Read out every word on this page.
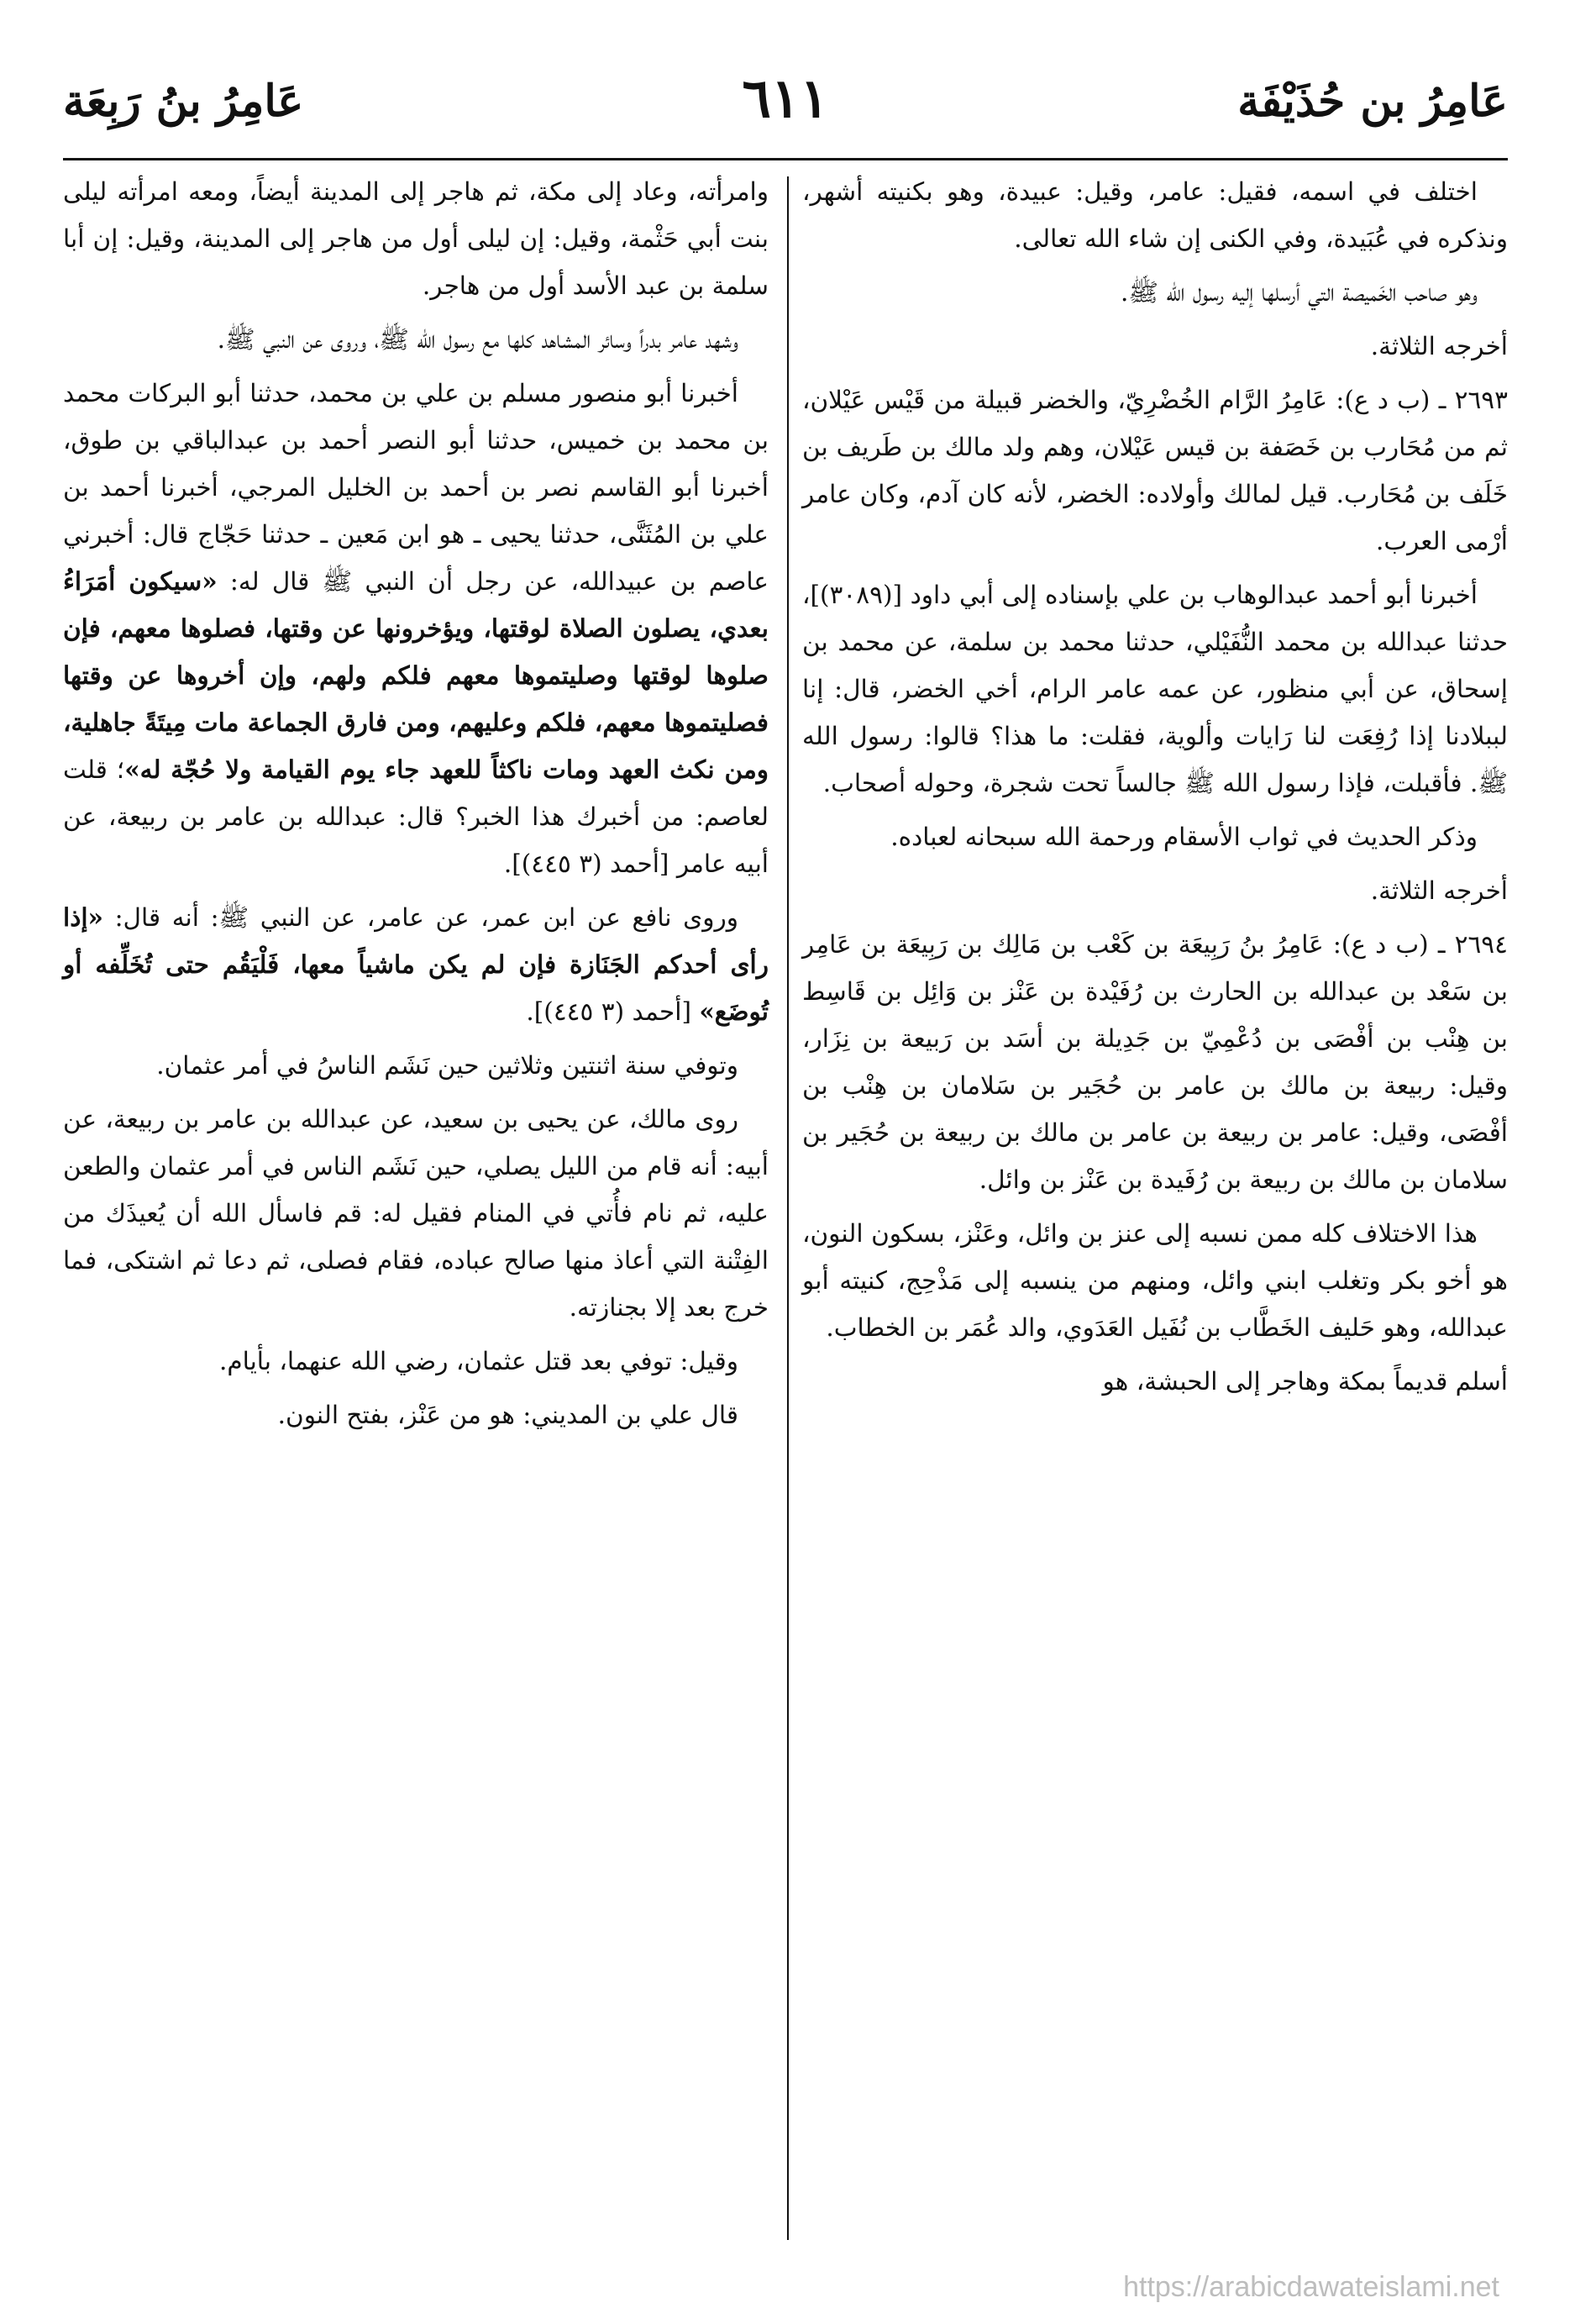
عَامِرُ بن حُذَيْفَة
٦١١
عَامِرُ بنُ رَبِعَة

اختلف في اسمه، فقيل: عامر، وقيل: عبيدة، وهو بكنيته أشهر، ونذكره في عُبَيدة، وفي الكنى إن شاء الله تعالى.

وهو صاحب الخَميصة التي أرسلها إليه رسول الله ﷺ.

أخرجه الثلاثة.

٢٦٩٣ ـ (ب د ع): عَامِرُ الرَّام الخُضْرِيّ، والخضر قبيلة من قَيْس عَيْلان، ثم من مُحَارب بن خَصَفة بن قيس عَيْلان، وهم ولد مالك بن طَريف بن خَلَف بن مُحَارب. قيل لمالك وأولاده: الخضر، لأنه كان آدم، وكان عامر أرْمى العرب.

أخبرنا أبو أحمد عبدالوهاب بن علي بإسناده إلى أبي داود [(٣٠٨٩)]، حدثنا عبدالله بن محمد النُّفَيْلي، حدثنا محمد بن سلمة، عن محمد بن إسحاق، عن أبي منظور، عن عمه عامر الرام، أخي الخضر، قال: إنا لببلادنا إذا رُفِعَت لنا رَايات وألوية، فقلت: ما هذا؟ قالوا: رسول الله ﷺ. فأقبلت، فإذا رسول الله ﷺ جالساً تحت شجرة، وحوله أصحاب.

وذكر الحديث في ثواب الأسقام ورحمة الله سبحانه لعباده.

أخرجه الثلاثة.

٢٦٩٤ ـ (ب د ع): عَامِرُ بنُ رَبِيعَة بن كَعْب بن مَالِك بن رَبِيعَة بن عَامِر بن سَعْد بن عبدالله بن الحارث بن رُفَيْدة بن عَنْز بن وَائِل بن قَاسِط بن هِنْب بن أفْصَى بن دُعْمِيّ بن جَدِيلة بن أسَد بن رَبيعة بن نِزَار، وقيل: ربيعة بن مالك بن عامر بن حُجَير بن سَلامان بن هِنْب بن أفْصَى، وقيل: عامر بن ربيعة بن عامر بن مالك بن ربيعة بن حُجَير بن سلامان بن مالك بن ربيعة بن رُفَيدة بن عَنْز بن وائل.

هذا الاختلاف كله ممن نسبه إلى عنز بن وائل، وعَنْز، بسكون النون، هو أخو بكر وتغلب ابني وائل، ومنهم من ينسبه إلى مَذْحِج، كنيته أبو عبدالله، وهو حَليف الخَطَّاب بن نُفَيل العَدَوي، والد عُمَر بن الخطاب.

أسلم قديماً بمكة وهاجر إلى الحبشة، هو

وامرأته، وعاد إلى مكة، ثم هاجر إلى المدينة أيضاً، ومعه امرأته ليلى بنت أبي حَثْمة، وقيل: إن ليلى أول من هاجر إلى المدينة، وقيل: إن أبا سلمة بن عبد الأسد أول من هاجر.

وشهد عامر بدراً وسائر المشاهد كلها مع رسول الله ﷺ، وروى عن النبي ﷺ.

أخبرنا أبو منصور مسلم بن علي بن محمد، حدثنا أبو البركات محمد بن محمد بن خميس، حدثنا أبو النصر أحمد بن عبدالباقي بن طوق، أخبرنا أبو القاسم نصر بن أحمد بن الخليل المرجي، أخبرنا أحمد بن علي بن المُثَنَّى، حدثنا يحيى ـ هو ابن مَعين ـ حدثنا حَجّاج قال: أخبرني عاصم بن عبيدالله، عن رجل أن النبي ﷺ قال له: «سيكون أمَرَاءُ بعدي، يصلون الصلاة لوقتها، ويؤخرونها عن وقتها، فصلوها معهم، فإن صلوها لوقتها وصليتموها معهم فلكم ولهم، وإن أخروها عن وقتها فصليتموها معهم، فلكم وعليهم، ومن فارق الجماعة مات مِيتَةً جاهلية، ومن نكث العهد ومات ناكثاً للعهد جاء يوم القيامة ولا حُجّة له»؛ قلت لعاصم: من أخبرك هذا الخبر؟ قال: عبدالله بن عامر بن ربيعة، عن أبيه عامر [أحمد (٣ ٤٤٥)].

وروى نافع عن ابن عمر، عن عامر، عن النبي ﷺ: أنه قال: «إذا رأى أحدكم الجَنَازة فإن لم يكن ماشياً معها، فَلْيَقُم حتى تُخَلِّفه أو تُوضَع» [أحمد (٣ ٤٤٥)].

وتوفي سنة اثنتين وثلاثين حين نَشَم الناسُ في أمر عثمان.

روى مالك، عن يحيى بن سعيد، عن عبدالله بن عامر بن ربيعة، عن أبيه: أنه قام من الليل يصلي، حين نَشَم الناس في أمر عثمان والطعن عليه، ثم نام فأُتي في المنام فقيل له: قم فاسأل الله أن يُعيذَك من الفِتْنة التي أعاذ منها صالح عباده، فقام فصلى، ثم دعا ثم اشتكى، فما خرج بعد إلا بجنازته.

وقيل: توفي بعد قتل عثمان، رضي الله عنهما، بأيام.

قال علي بن المديني: هو من عَنْز، بفتح النون.

https://arabicdawateislami.net
